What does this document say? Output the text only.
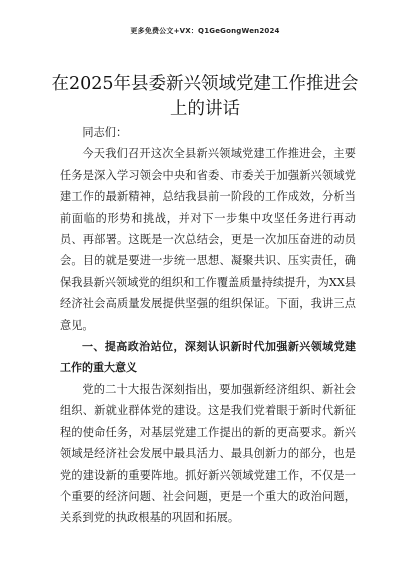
更多免费公文+VX：Q1GeGongWen2024
在2025年县委新兴领域党建工作推进会上的讲话

同志们：

今天我们召开这次全县新兴领域党建工作推进会，主要任务是深入学习领会中央和省委、市委关于加强新兴领域党建工作的最新精神，总结我县前一阶段的工作成效，分析当前面临的形势和挑战，并对下一步集中攻坚任务进行再动员、再部署。这既是一次总结会，更是一次加压奋进的动员会。目的就是要进一步统一思想、凝聚共识、压实责任，确保我县新兴领域党的组织和工作覆盖质量持续提升，为XX县经济社会高质量发展提供坚强的组织保证。下面，我讲三点意见。

一、提高政治站位，深刻认识新时代加强新兴领域党建工作的重大意义

党的二十大报告深刻指出，要加强新经济组织、新社会组织、新就业群体党的建设。这是我们党着眼于新时代新征程的使命任务，对基层党建工作提出的新的更高要求。新兴领域是经济社会发展中最具活力、最具创新力的部分，也是党的建设新的重要阵地。抓好新兴领域党建工作，不仅是一个重要的经济问题、社会问题，更是一个重大的政治问题，关系到党的执政根基的巩固和拓展。
